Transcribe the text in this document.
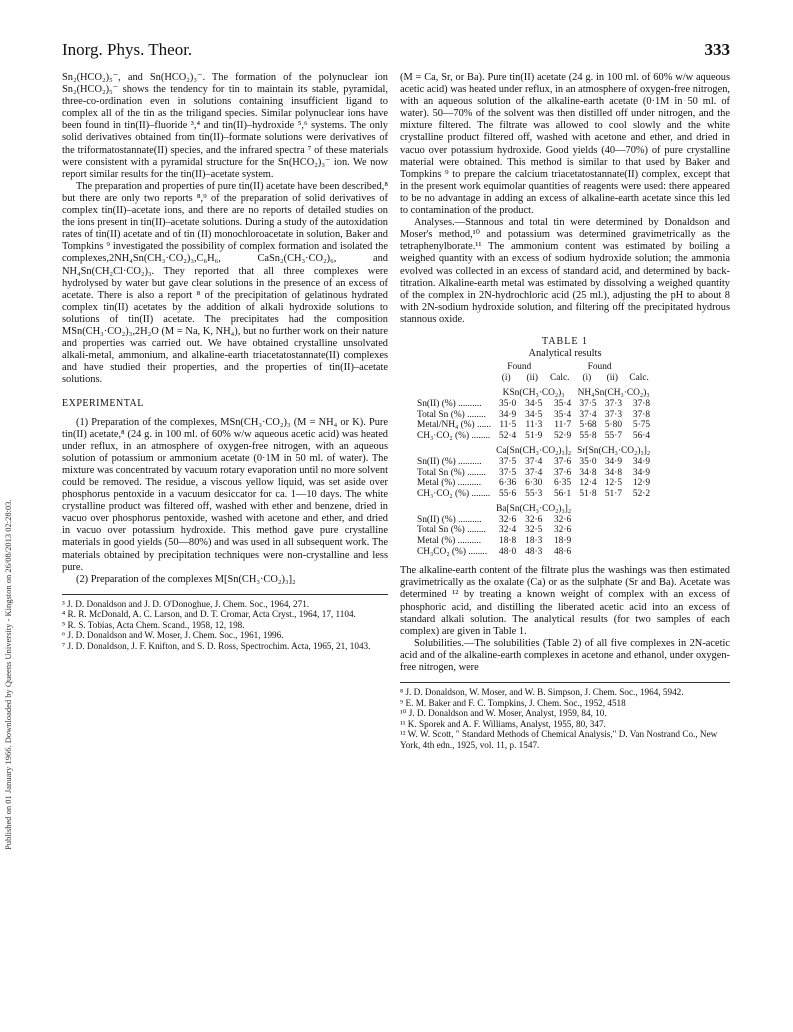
Published on 01 January 1966. Downloaded by Queens University - Kingston on 26/08/2013 02:28:03.
Inorg. Phys. Theor.	333

Sn₂(HCO₂)₅⁻, and Sn(HCO₂)₃⁻. The formation of the polynuclear ion Sn₂(HCO₂)₅⁻ shows the tendency for tin to maintain its stable, pyramidal, three-co-ordination even in solutions containing insufficient ligand to complex all of the tin as the triligand species. Similar polynuclear ions have been found in tin(II)–fluoride ³,⁴ and tin(II)–hydroxide ⁵,⁶ systems. The only solid derivatives obtained from tin(II)–formate solutions were derivatives of the triformatostannate(II) species, and the infrared spectra ⁷ of these materials were consistent with a pyramidal structure for the Sn(HCO₂)₃⁻ ion. We now report similar results for the tin(II)–acetate system.

The preparation and properties of pure tin(II) acetate have been described,⁸ but there are only two reports ⁸,⁹ of the preparation of solid derivatives of complex tin(II)–acetate ions, and there are no reports of detailed studies on the ions present in tin(II)–acetate solutions. During a study of the autoxidation rates of tin(II) acetate and of tin (II) monochloroacetate in solution, Baker and Tompkins ⁹ investigated the possibility of complex formation and isolated the complexes,2NH₄Sn(CH₃·CO₂)₃,C₆H₆, CaSn₂(CH₃·CO₂)₆, and NH₄Sn(CH₂Cl·CO₂)₃. They reported that all three complexes were hydrolysed by water but gave clear solutions in the presence of an excess of acetate. There is also a report ⁸ of the precipitation of gelatinous hydrated complex tin(II) acetates by the addition of alkali hydroxide solutions to solutions of tin(II) acetate. The precipitates had the composition MSn(CH₃·CO₂)₃,2H₂O (M = Na, K, NH₄), but no further work on their nature and properties was carried out. We have obtained crystalline unsolvated alkali-metal, ammonium, and alkaline-earth triacetatostannate(II) complexes and have studied their properties, and the properties of tin(II)–acetate solutions.

EXPERIMENTAL

(1) Preparation of the complexes, MSn(CH₃·CO₂)₃ (M = NH₄ or K). Pure tin(II) acetate,⁸ (24 g. in 100 ml. of 60% w/w aqueous acetic acid) was heated under reflux, in an atmosphere of oxygen-free nitrogen, with an aqueous solution of potassium or ammonium acetate (0·1M in 50 ml. of water). The mixture was concentrated by vacuum rotary evaporation until no more solvent could be removed. The residue, a viscous yellow liquid, was set aside over phosphorus pentoxide in a vacuum desiccator for ca. 1—10 days. The white crystalline product was filtered off, washed with ether and benzene, dried in vacuo over phosphorus pentoxide, washed with acetone and ether, and dried in vacuo over potassium hydroxide. This method gave pure crystalline materials in good yields (50—80%) and was used in all subsequent work. The materials obtained by precipitation techniques were non-crystalline and less pure.

(2) Preparation of the complexes M[Sn(CH₃·CO₂)₃]₂

³ J. D. Donaldson and J. D. O'Donoghue, J. Chem. Soc., 1964, 271.
⁴ R. R. McDonald, A. C. Larson, and D. T. Cromar, Acta Cryst., 1964, 17, 1104.
⁵ R. S. Tobias, Acta Chem. Scand., 1958, 12, 198.
⁶ J. D. Donaldson and W. Moser, J. Chem. Soc., 1961, 1996.
⁷ J. D. Donaldson, J. F. Knifton, and S. D. Ross, Spectrochim. Acta, 1965, 21, 1043.

(M = Ca, Sr, or Ba). Pure tin(II) acetate (24 g. in 100 ml. of 60% w/w aqueous acetic acid) was heated under reflux, in an atmosphere of oxygen-free nitrogen, with an aqueous solution of the alkaline-earth acetate (0·1M in 50 ml. of water). 50—70% of the solvent was then distilled off under nitrogen, and the mixture filtered. The filtrate was allowed to cool slowly and the white crystalline product filtered off, washed with acetone and ether, and dried in vacuo over potassium hydroxide. Good yields (40—70%) of pure crystalline material were obtained. This method is similar to that used by Baker and Tompkins ⁹ to prepare the calcium triacetatostannate(II) complex, except that in the present work equimolar quantities of reagents were used: there appeared to be no advantage in adding an excess of alkaline-earth acetate since this led to contamination of the product.

Analyses.—Stannous and total tin were determined by Donaldson and Moser's method,¹⁰ and potassium was determined gravimetrically as the tetraphenylborate.¹¹ The ammonium content was estimated by boiling a weighed quantity with an excess of sodium hydroxide solution; the ammonia evolved was collected in an excess of standard acid, and determined by back-titration. Alkaline-earth metal was estimated by dissolving a weighed quantity of the complex in 2N-hydrochloric acid (25 ml.), adjusting the pH to about 8 with 2N-sodium hydroxide solution, and filtering off the precipitated hydrous stannous oxide.

TABLE 1
Analytical results
	Found			Found		
	(i)	(ii)	Calc.	(i)	(ii)	Calc.
	KSn(CH₃·CO₂)₃			NH₄Sn(CH₃·CO₂)₃		
Sn(II) (%) ..........	35·0	34·5	35·4	37·5	37·3	37·8
Total Sn (%) ........	34·9	34·5	35·4	37·4	37·3	37·8
Metal/NH₄ (%) ......	11·5	11·3	11·7	5·68	5·80	5·75
CH₃·CO₂ (%) ........	52·4	51·9	52·9	55·8	55·7	56·4
	Ca[Sn(CH₃·CO₂)₃]₂			Sr[Sn(CH₃·CO₂)₃]₂		
Sn(II) (%) ..........	37·5	37·4	37·6	35·0	34·9	34·9
Total Sn (%) ........	37·5	37·4	37·6	34·8	34·8	34·9
Metal (%) ..........	6·36	6·30	6·35	12·4	12·5	12·9
CH₃·CO₂ (%) ........	55·6	55·3	56·1	51·8	51·7	52·2
	Ba[Sn(CH₃·CO₂)₃]₂					
Sn(II) (%) ..........	32·6	32·6	32·6			
Total Sn (%) ........	32·4	32·5	32·6			
Metal (%) ..........	18·8	18·3	18·9			
CH₃CO₂ (%) ........	48·0	48·3	48·6			

The alkaline-earth content of the filtrate plus the washings was then estimated gravimetrically as the oxalate (Ca) or as the sulphate (Sr and Ba). Acetate was determined ¹² by treating a known weight of complex with an excess of phosphoric acid, and distilling the liberated acetic acid into an excess of standard alkali solution. The analytical results (for two samples of each complex) are given in Table 1.

Solubilities.—The solubilities (Table 2) of all five complexes in 2N-acetic acid and of the alkaline-earth complexes in acetone and ethanol, under oxygen-free nitrogen, were

⁸ J. D. Donaldson, W. Moser, and W. B. Simpson, J. Chem. Soc., 1964, 5942.
⁹ E. M. Baker and F. C. Tompkins, J. Chem. Soc., 1952, 4518
¹⁰ J. D. Donaldson and W. Moser, Analyst, 1959, 84, 10.
¹¹ K. Sporek and A. F. Williams, Analyst, 1955, 80, 347.
¹² W. W. Scott, " Standard Methods of Chemical Analysis," D. Van Nostrand Co., New York, 4th edn., 1925, vol. 11, p. 1547.
